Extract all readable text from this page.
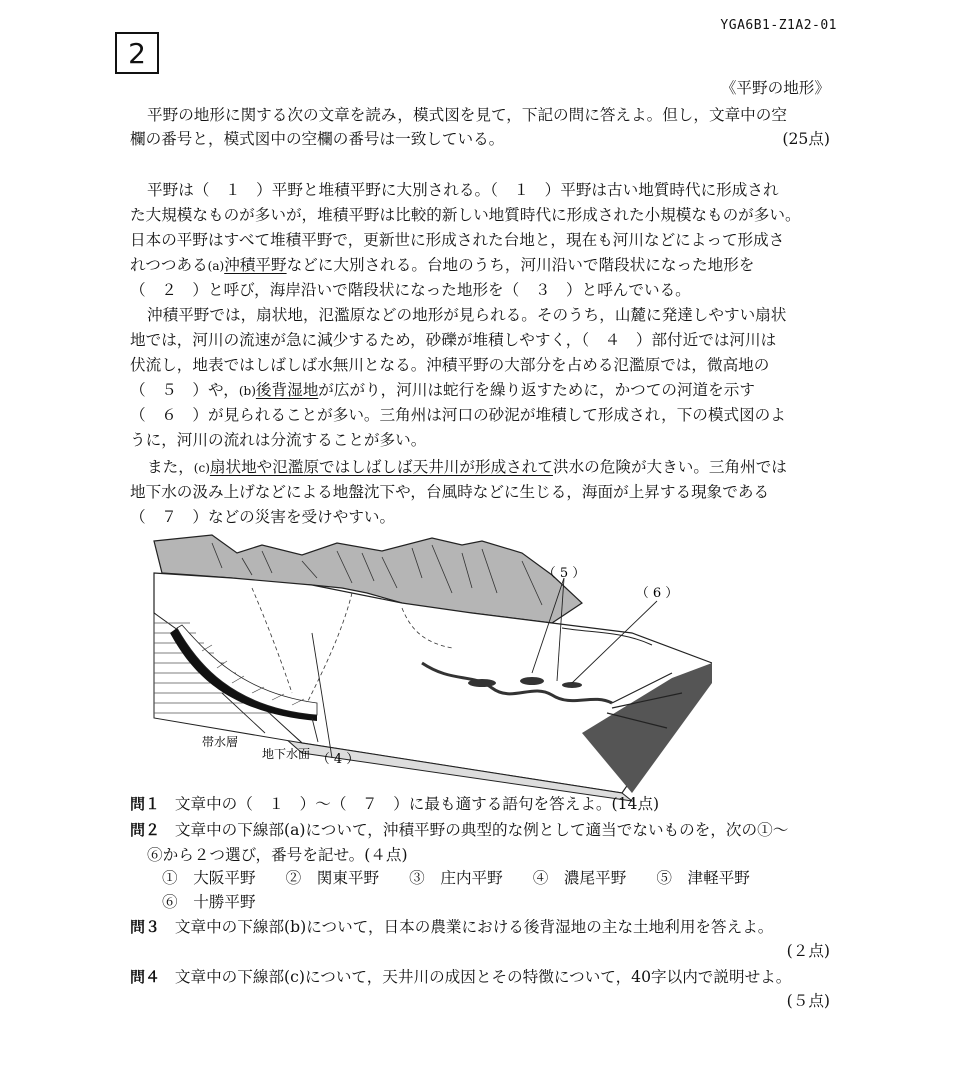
YGA6B1-Z1A2-01
2
《平野の地形》
平野の地形に関する次の文章を読み，模式図を見て，下記の問に答えよ。但し，文章中の空
欄の番号と，模式図中の空欄の番号は一致している。	(25点)
平野は（　１　）平野と堆積平野に大別される。（　１　）平野は古い地質時代に形成され
た大規模なものが多いが，堆積平野は比較的新しい地質時代に形成された小規模なものが多い。
日本の平野はすべて堆積平野で，更新世に形成された台地と，現在も河川などによって形成さ
れつつある(a)沖積平野などに大別される。台地のうち，河川沿いで階段状になった地形を
（　２　）と呼び，海岸沿いで階段状になった地形を（　３　）と呼んでいる。
沖積平野では，扇状地，氾濫原などの地形が見られる。そのうち，山麓に発達しやすい扇状
地では，河川の流速が急に減少するため，砂礫が堆積しやすく，（　４　）部付近では河川は
伏流し，地表ではしばしば水無川となる。沖積平野の大部分を占める氾濫原では，微高地の
（　５　）や，(b)後背湿地が広がり，河川は蛇行を繰り返すために，かつての河道を示す
（　６　）が見られることが多い。三角州は河口の砂泥が堆積して形成され，下の模式図のよ
うに，河川の流れは分流することが多い。
また，(c)扇状地や氾濫原ではしばしば天井川が形成されて洪水の危険が大きい。三角州では
地下水の汲み上げなどによる地盤沈下や，台風時などに生じる，海面が上昇する現象である
（　７　）などの災害を受けやすい。
（ 5 ）
（ 6 ）
帯水層
地下水面 （ 4 ）
問１ 文章中の（　１　）～（　７　）に最も適する語句を答えよ。(14点)
問２ 文章中の下線部(a)について，沖積平野の典型的な例として適当でないものを，次の①～
⑥から２つ選び，番号を記せ。(４点)
①　大阪平野 ②　関東平野 ③　庄内平野 ④　濃尾平野 ⑤　津軽平野
⑥　十勝平野
問３ 文章中の下線部(b)について，日本の農業における後背湿地の主な土地利用を答えよ。
(２点)
問４ 文章中の下線部(c)について，天井川の成因とその特徴について，40字以内で説明せよ。
(５点)
